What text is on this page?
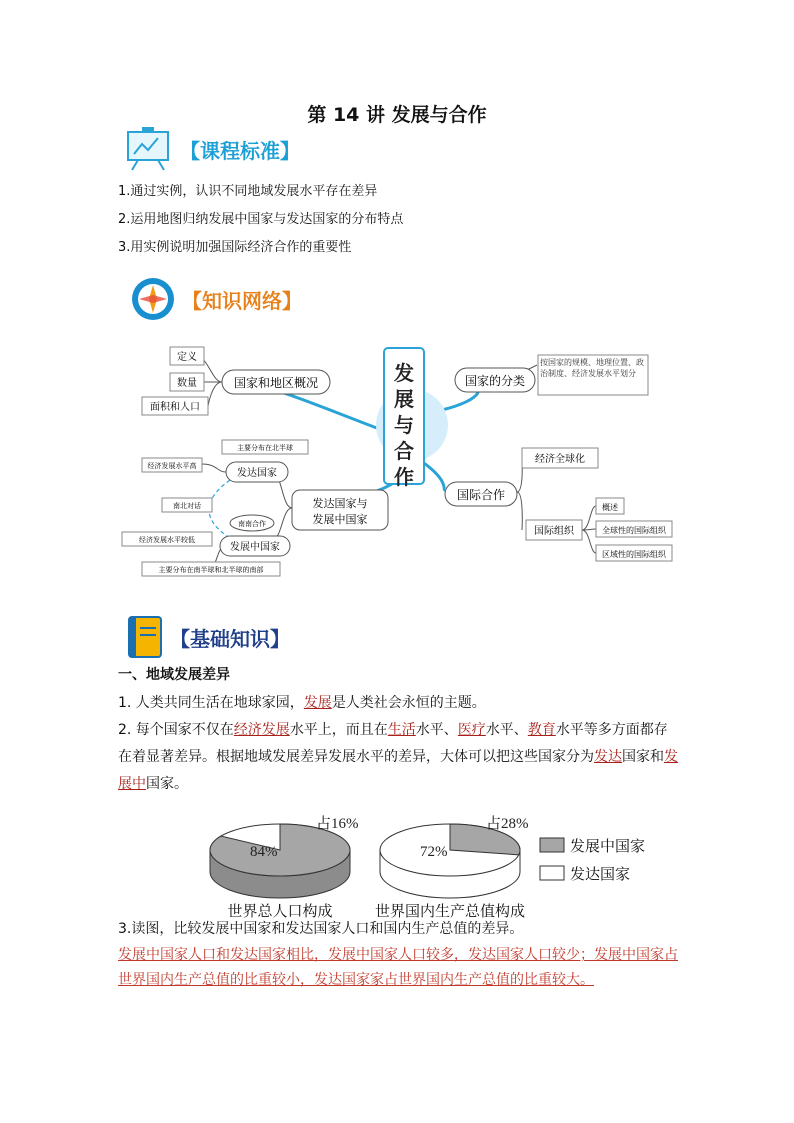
第 14 讲 发展与合作
【课程标准】
1.通过实例，认识不同地域发展水平存在差异
2.运用地图归纳发展中国家与发达国家的分布特点
3.用实例说明加强国际经济合作的重要性
【知识网络】
发
展
与
合
作
国家和地区概况
定义
数量
面积和人口
国家的分类
按国家的规模、地理位置、政治制度、经济发展水平划分
国际合作
经济全球化
国际组织
概述
全球性的国际组织
区域性的国际组织
发达国家与
发展中国家
发达国家
发展中国家
主要分布在北半球
经济发展水平高
南北对话
南南合作
经济发展水平较低
主要分布在南半球和北半球的南部
【基础知识】
一、地域发展差异
1. 人类共同生活在地球家园，发展是人类社会永恒的主题。
2. 每个国家不仅在经济发展水平上，而且在生活水平、医疗水平、教育水平等多方面都存在着显著差异。根据地域发展差异发展水平的差异，大体可以把这些国家分为发达国家和发展中国家。
84%
占16%
世界总人口构成
72%
占28%
世界国内生产总值构成
发展中国家
发达国家
3.读图，比较发展中国家和发达国家人口和国内生产总值的差异。
发展中国家人口和发达国家相比，发展中国家人口较多，发达国家人口较少；发展中国家占世界国内生产总值的比重较小，发达国家家占世界国内生产总值的比重较大。
